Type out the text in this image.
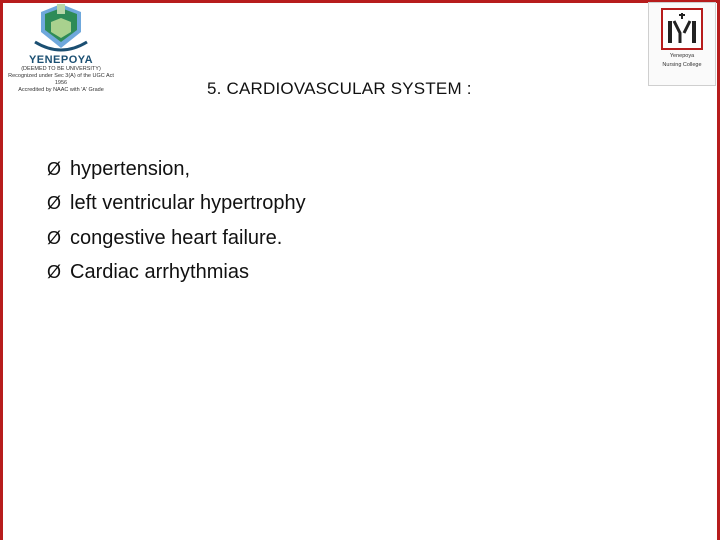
YENEPOYA
(DEEMED TO BE UNIVERSITY)
Recognized under Sec 3(A) of the UGC Act 1956
Accredited by NAAC with 'A' Grade
Yenepoya
Nursing College
5. CARDIOVASCULAR SYSTEM :
Ø hypertension,
Ø left ventricular hypertrophy
Ø congestive heart failure.
Ø Cardiac arrhythmias
